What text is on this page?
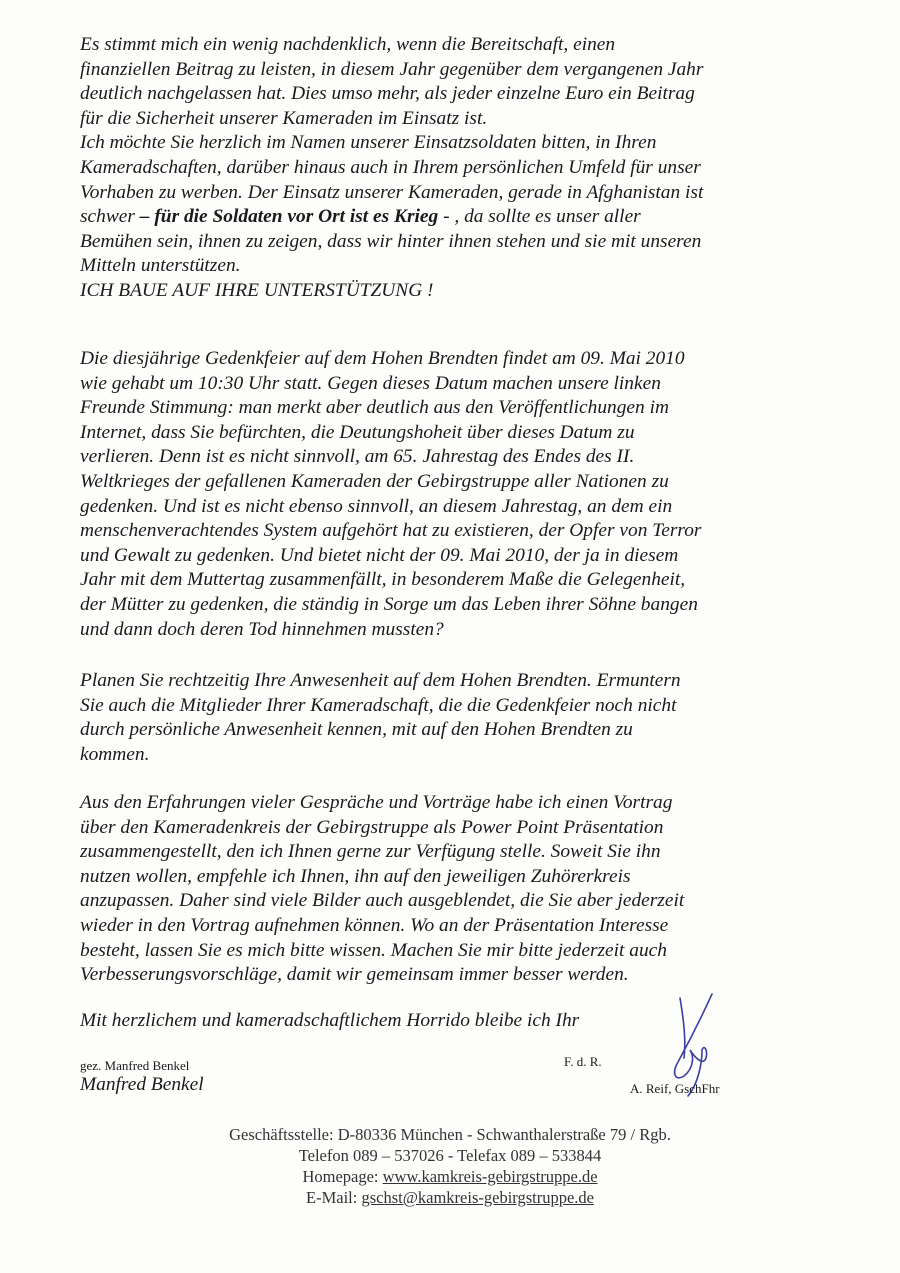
Es stimmt mich ein wenig nachdenklich, wenn die Bereitschaft, einen
finanziellen Beitrag zu leisten, in diesem Jahr gegenüber dem vergangenen Jahr
deutlich nachgelassen hat. Dies umso mehr, als jeder einzelne Euro ein Beitrag
für die Sicherheit unserer Kameraden im Einsatz ist.
Ich möchte Sie herzlich im Namen unserer Einsatzsoldaten bitten, in Ihren
Kameradschaften, darüber hinaus auch in Ihrem persönlichen Umfeld für unser
Vorhaben zu werben. Der Einsatz unserer Kameraden, gerade in Afghanistan ist
schwer – für die Soldaten vor Ort ist es Krieg - , da sollte es unser aller
Bemühen sein, ihnen zu zeigen, dass wir hinter ihnen stehen und sie mit unseren
Mitteln unterstützen.
ICH BAUE AUF IHRE UNTERSTÜTZUNG !
Die diesjährige Gedenkfeier auf dem Hohen Brendten findet am 09. Mai 2010
wie gehabt um 10:30 Uhr statt. Gegen dieses Datum machen unsere linken
Freunde Stimmung: man merkt aber deutlich aus den Veröffentlichungen im
Internet, dass Sie befürchten, die Deutungshoheit über dieses Datum zu
verlieren. Denn ist es nicht sinnvoll, am 65. Jahrestag des Endes des II.
Weltkrieges der gefallenen Kameraden der Gebirgstruppe aller Nationen zu
gedenken. Und ist es nicht ebenso sinnvoll, an diesem Jahrestag, an dem ein
menschenverachtendes System aufgehört hat zu existieren, der Opfer von Terror
und Gewalt zu gedenken. Und bietet nicht der 09. Mai 2010, der ja in diesem
Jahr mit dem Muttertag zusammenfällt, in besonderem Maße die Gelegenheit,
der Mütter zu gedenken, die ständig in Sorge um das Leben ihrer Söhne bangen
und dann doch deren Tod hinnehmen mussten?
Planen Sie rechtzeitig Ihre Anwesenheit auf dem Hohen Brendten. Ermuntern
Sie auch die Mitglieder Ihrer Kameradschaft, die die Gedenkfeier noch nicht
durch persönliche Anwesenheit kennen, mit auf den Hohen Brendten zu
kommen.
Aus den Erfahrungen vieler Gespräche und Vorträge habe ich einen Vortrag
über den Kameradenkreis der Gebirgstruppe als Power Point Präsentation
zusammengestellt, den ich Ihnen gerne zur Verfügung stelle. Soweit Sie ihn
nutzen wollen, empfehle ich Ihnen, ihn auf den jeweiligen Zuhörerkreis
anzupassen. Daher sind viele Bilder auch ausgeblendet, die Sie aber jederzeit
wieder in den Vortrag aufnehmen können. Wo an der Präsentation Interesse
besteht, lassen Sie es mich bitte wissen. Machen Sie mir bitte jederzeit auch
Verbesserungsvorschläge, damit wir gemeinsam immer besser werden.
Mit herzlichem und kameradschaftlichem Horrido bleibe ich Ihr
gez. Manfred Benkel
Manfred Benkel
F. d. R.
A. Reif, GschFhr
Geschäftsstelle: D-80336 München - Schwanthalerstraße 79 / Rgb.
Telefon 089 – 537026 - Telefax 089 – 533844
Homepage: www.kamkreis-gebirgstruppe.de
E-Mail: gschst@kamkreis-gebirgstruppe.de
